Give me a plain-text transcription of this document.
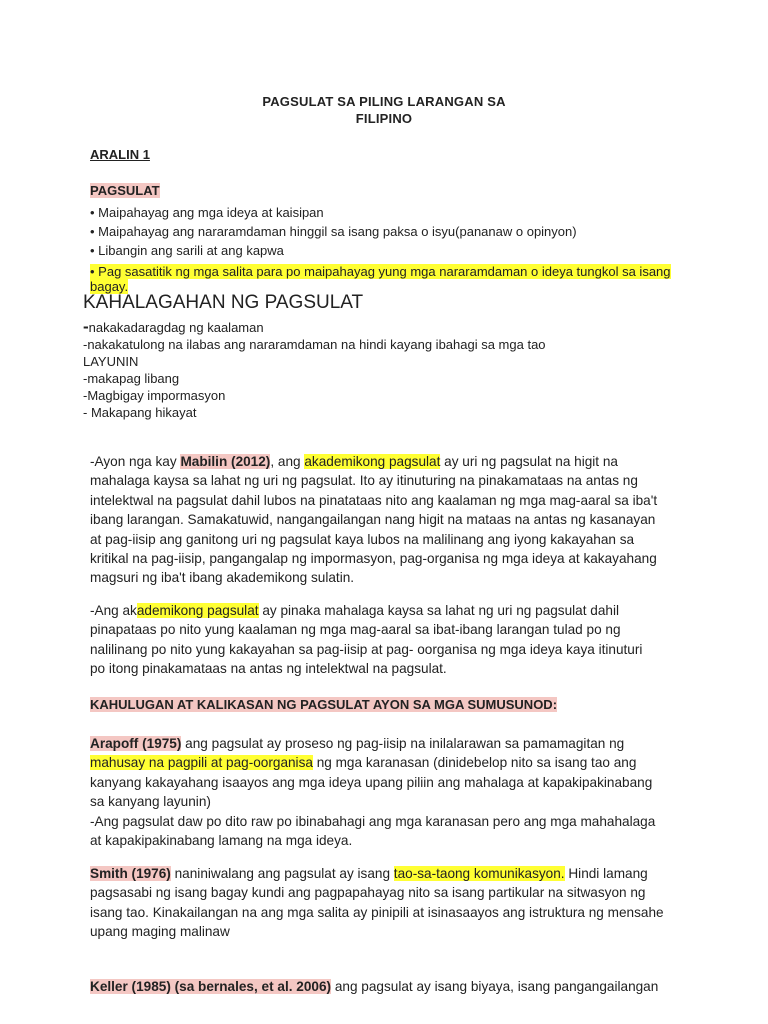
PAGSULAT SA PILING LARANGAN SA
FILIPINO
ARALIN 1
PAGSULAT
• Maipahayag ang mga ideya at kaisipan
• Maipahayag ang nararamdaman hinggil sa isang paksa o isyu(pananaw o opinyon)
• Libangin ang sarili at ang kapwa
• Pag sasatitik ng mga salita para po maipahayag yung mga nararamdaman o ideya tungkol sa isang
bagay.
KAHALAGAHAN NG PAGSULAT
-nakakadaragdag ng kaalaman
-nakakatulong na ilabas ang nararamdaman na hindi kayang ibahagi sa mga tao
LAYUNIN
-makapag libang
-Magbigay impormasyon
- Makapang hikayat
-Ayon nga kay Mabilin (2012), ang akademikong pagsulat ay uri ng pagsulat na higit na
mahalaga kaysa sa lahat ng uri ng pagsulat. Ito ay itinuturing na pinakamataas na antas ng
intelektwal na pagsulat dahil lubos na pinatataas nito ang kaalaman ng mga mag-aaral sa iba't
ibang larangan. Samakatuwid, nangangailangan nang higit na mataas na antas ng kasanayan
at pag-iisip ang ganitong uri ng pagsulat kaya lubos na malilinang ang iyong kakayahan sa
kritikal na pag-iisip, pangangalap ng impormasyon, pag-organisa ng mga ideya at kakayahang
magsuri ng iba't ibang akademikong sulatin.
-Ang akademikong pagsulat ay pinaka mahalaga kaysa sa lahat ng uri ng pagsulat dahil
pinapataas po nito yung kaalaman ng mga mag-aaral sa ibat-ibang larangan tulad po ng
nalilinang po nito yung kakayahan sa pag-iisip at pag- oorganisa ng mga ideya kaya itinuturi
po itong pinakamataas na antas ng intelektwal na pagsulat.
KAHULUGAN AT KALIKASAN NG PAGSULAT AYON SA MGA SUMUSUNOD:
Arapoff (1975) ang pagsulat ay proseso ng pag-iisip na inilalarawan sa pamamagitan ng
mahusay na pagpili at pag-oorganisa ng mga karanasan (dinidebelop nito sa isang tao ang
kanyang kakayahang isaayos ang mga ideya upang piliin ang mahalaga at kapakipakinabang
sa kanyang layunin)
-Ang pagsulat daw po dito raw po ibinabahagi ang mga karanasan pero ang mga mahahalaga
at kapakipakinabang lamang na mga ideya.
Smith (1976) naniniwalang ang pagsulat ay isang tao-sa-taong komunikasyon. Hindi lamang
pagsasabi ng isang bagay kundi ang pagpapahayag nito sa isang partikular na sitwasyon ng
isang tao. Kinakailangan na ang mga salita ay pinipili at isinasaayos ang istruktura ng mensahe
upang maging malinaw
Keller (1985) (sa bernales, et al. 2006) ang pagsulat ay isang biyaya, isang pangangailangan
